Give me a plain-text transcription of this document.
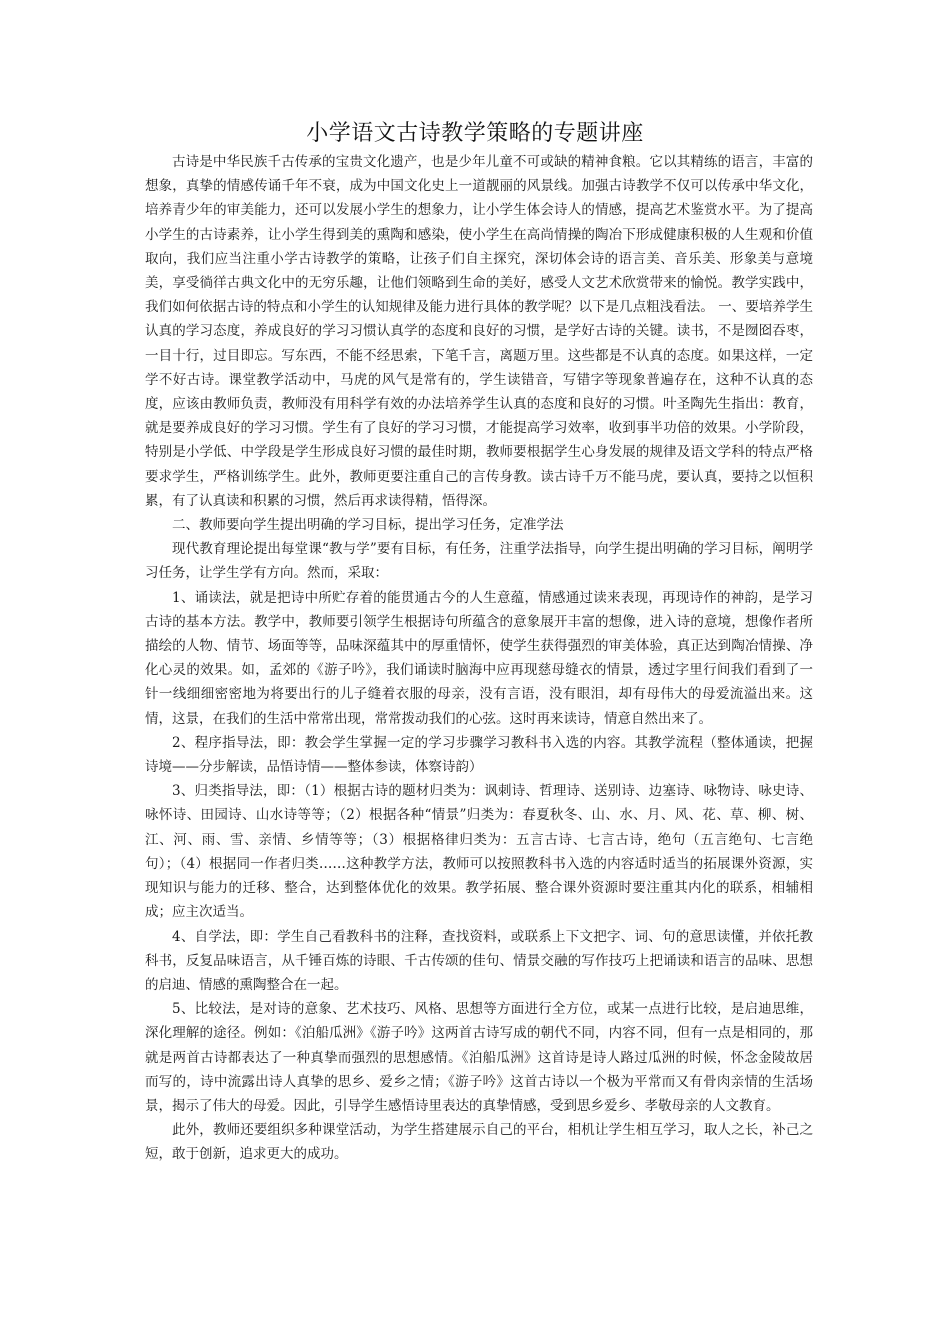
小学语文古诗教学策略的专题讲座

古诗是中华民族千古传承的宝贵文化遗产，也是少年儿童不可或缺的精神食粮。它以其精练的语言，丰富的想象，真挚的情感传诵千年不衰，成为中国文化史上一道靓丽的风景线。加强古诗教学不仅可以传承中华文化，培养青少年的审美能力，还可以发展小学生的想象力，让小学生体会诗人的情感，提高艺术鉴赏水平。为了提高小学生的古诗素养，让小学生得到美的熏陶和感染，使小学生在高尚情操的陶冶下形成健康积极的人生观和价值取向，我们应当注重小学古诗教学的策略，让孩子们自主探究，深切体会诗的语言美、音乐美、形象美与意境美，享受徜徉古典文化中的无穷乐趣，让他们领略到生命的美好，感受人文艺术欣赏带来的愉悦。教学实践中，我们如何依据古诗的特点和小学生的认知规律及能力进行具体的教学呢？以下是几点粗浅看法。 一、要培养学生认真的学习态度，养成良好的学习习惯认真学的态度和良好的习惯，是学好古诗的关键。读书，不是囫囵吞枣，一目十行，过目即忘。写东西，不能不经思索，下笔千言，离题万里。这些都是不认真的态度。如果这样，一定学不好古诗。课堂教学活动中，马虎的风气是常有的，学生读错音，写错字等现象普遍存在，这种不认真的态度，应该由教师负责，教师没有用科学有效的办法培养学生认真的态度和良好的习惯。叶圣陶先生指出：教育，就是要养成良好的学习习惯。学生有了良好的学习习惯，才能提高学习效率，收到事半功倍的效果。小学阶段，特别是小学低、中学段是学生形成良好习惯的最佳时期，教师要根据学生心身发展的规律及语文学科的特点严格要求学生，严格训练学生。此外，教师更要注重自己的言传身教。读古诗千万不能马虎，要认真，要持之以恒积累，有了认真读和积累的习惯，然后再求读得精，悟得深。

二、教师要向学生提出明确的学习目标，提出学习任务，定准学法

现代教育理论提出每堂课“教与学”要有目标，有任务，注重学法指导，向学生提出明确的学习目标，阐明学习任务，让学生学有方向。然而，采取：

1、诵读法，就是把诗中所贮存着的能贯通古今的人生意蕴，情感通过读来表现，再现诗作的神韵，是学习古诗的基本方法。教学中，教师要引领学生根据诗句所蕴含的意象展开丰富的想像，进入诗的意境，想像作者所描绘的人物、情节、场面等等，品味深蕴其中的厚重情怀，使学生获得强烈的审美体验，真正达到陶冶情操、净化心灵的效果。如，孟郊的《游子吟》，我们诵读时脑海中应再现慈母缝衣的情景，透过字里行间我们看到了一针一线细细密密地为将要出行的儿子缝着衣服的母亲，没有言语，没有眼泪，却有母伟大的母爱流溢出来。这情，这景，在我们的生活中常常出现，常常拨动我们的心弦。这时再来读诗，情意自然出来了。

2、程序指导法，即：教会学生掌握一定的学习步骤学习教科书入选的内容。其教学流程（整体通读，把握诗境——分步解读，品悟诗情——整体参读，体察诗韵）

3、归类指导法，即：（1）根据古诗的题材归类为：讽刺诗、哲理诗、送别诗、边塞诗、咏物诗、咏史诗、咏怀诗、田园诗、山水诗等等；（2）根据各种“情景”归类为：春夏秋冬、山、水、月、风、花、草、柳、树、江、河、雨、雪、亲情、乡情等等；（3）根据格律归类为：五言古诗、七言古诗，绝句（五言绝句、七言绝句）；（4）根据同一作者归类……这种教学方法，教师可以按照教科书入选的内容适时适当的拓展课外资源，实现知识与能力的迁移、整合，达到整体优化的效果。教学拓展、整合课外资源时要注重其内化的联系，相辅相成；应主次适当。

4、自学法，即：学生自己看教科书的注释，查找资料，或联系上下文把字、词、句的意思读懂，并依托教科书，反复品味语言，从千锤百炼的诗眼、千古传颂的佳句、情景交融的写作技巧上把诵读和语言的品味、思想的启迪、情感的熏陶整合在一起。

5、比较法，是对诗的意象、艺术技巧、风格、思想等方面进行全方位，或某一点进行比较，是启迪思维，深化理解的途径。例如：《泊船瓜洲》《游子吟》这两首古诗写成的朝代不同，内容不同，但有一点是相同的，那就是两首古诗都表达了一种真挚而强烈的思想感情。《泊船瓜洲》这首诗是诗人路过瓜洲的时候，怀念金陵故居而写的，诗中流露出诗人真挚的思乡、爱乡之情；《游子吟》这首古诗以一个极为平常而又有骨肉亲情的生活场景，揭示了伟大的母爱。因此，引导学生感悟诗里表达的真挚情感，受到思乡爱乡、孝敬母亲的人文教育。

此外，教师还要组织多种课堂活动，为学生搭建展示自己的平台，相机让学生相互学习，取人之长，补己之短，敢于创新，追求更大的成功。
